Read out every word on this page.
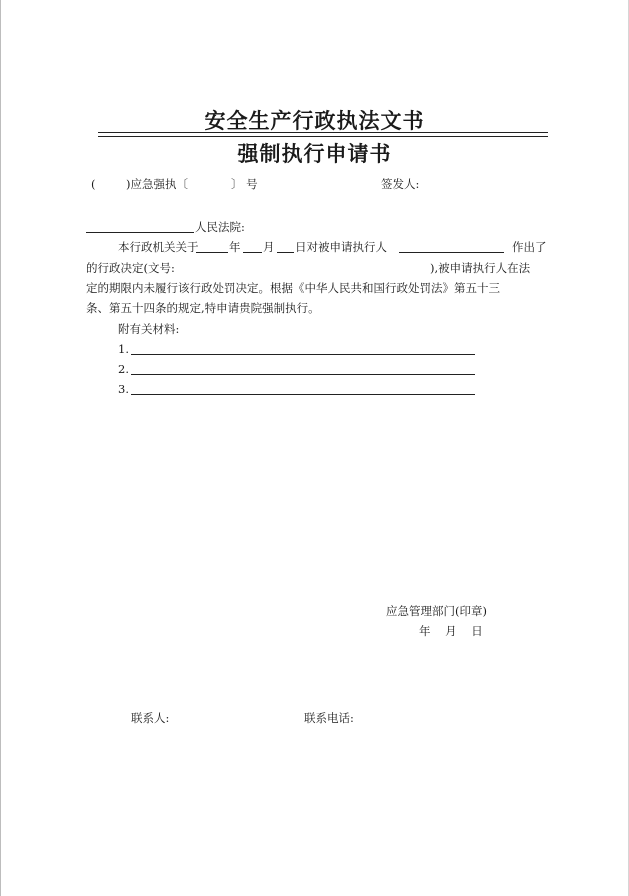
安全生产行政执法文书
强制执行申请书
(	)应急强执〔	〕 号	签发人:
人民法院:
本行政机关关于	年 月 日对被申请执行人	作出了
的行政决定(文号:	),被申请执行人在法
定的期限内未履行该行政处罚决定。根据《中华人民共和国行政处罚法》第五十三
条、第五十四条的规定,特申请贵院强制执行。
附有关材料:
1.
2.
3.
应急管理部门(印章)
年    月    日
联系人:	联系电话:
